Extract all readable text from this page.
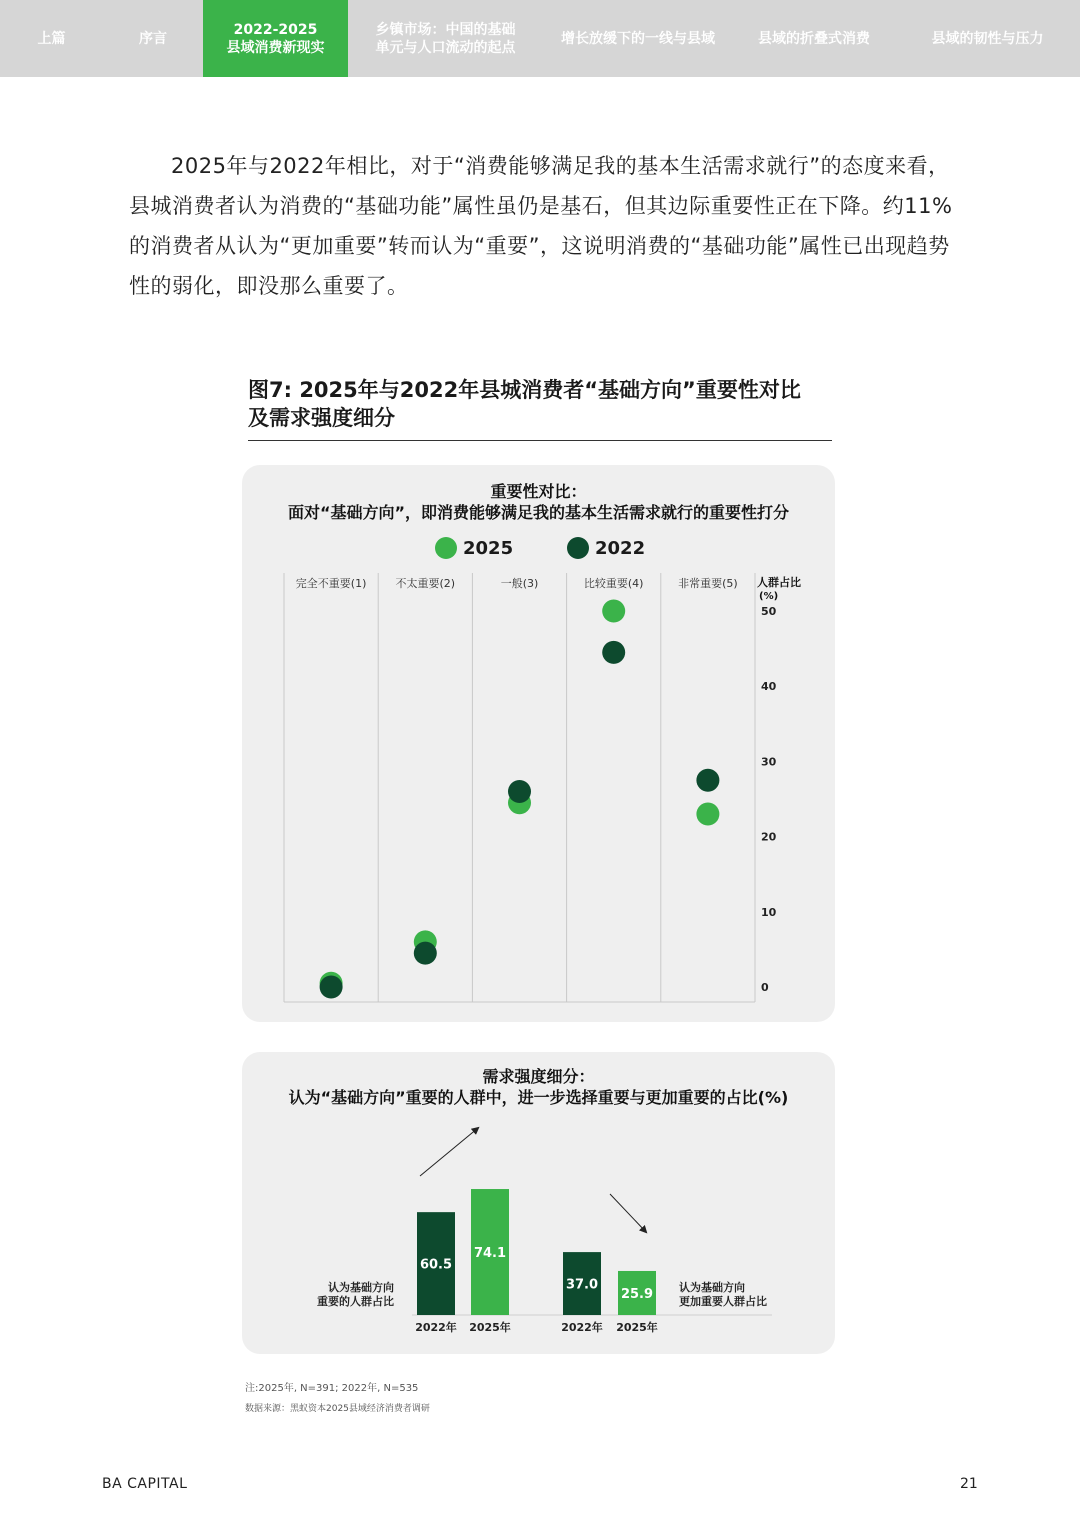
上篇	序言
2022-2025
县域消费新现实
乡镇市场：中国的基础
单元与人口流动的起点
增长放缓下的一线与县域	县域的折叠式消费	县域的韧性与压力

2025年与2022年相比，对于“消费能够满足我的基本生活需求就行”的态度来看，县城消费者认为消费的“基础功能”属性虽仍是基石，但其边际重要性正在下降。约11%的消费者从认为“更加重要”转而认为“重要”，这说明消费的“基础功能”属性已出现趋势性的弱化，即没那么重要了。

图7: 2025年与2022年县城消费者“基础方向”重要性对比
及需求强度细分
重要性对比：
面对“基础方向”，即消费能够满足我的基本生活需求就行的重要性打分
2025	2022
完全不重要(1)	不太重要(2)	一般(3)	比较重要(4)	非常重要(5) 人群占比
(%)
0
10
20
30
40
50
需求强度细分：
认为“基础方向”重要的人群中，进一步选择重要与更加重要的占比(%)
认为基础方向
重要的人群占比
认为基础方向
更加重要人群占比
60.5
2022年
74.1
2025年
37.0
2022年
25.9
2025年
注:2025年, N=391; 2022年, N=535
数据来源：黑蚁资本2025县域经济消费者调研
BA CAPITAL	21
